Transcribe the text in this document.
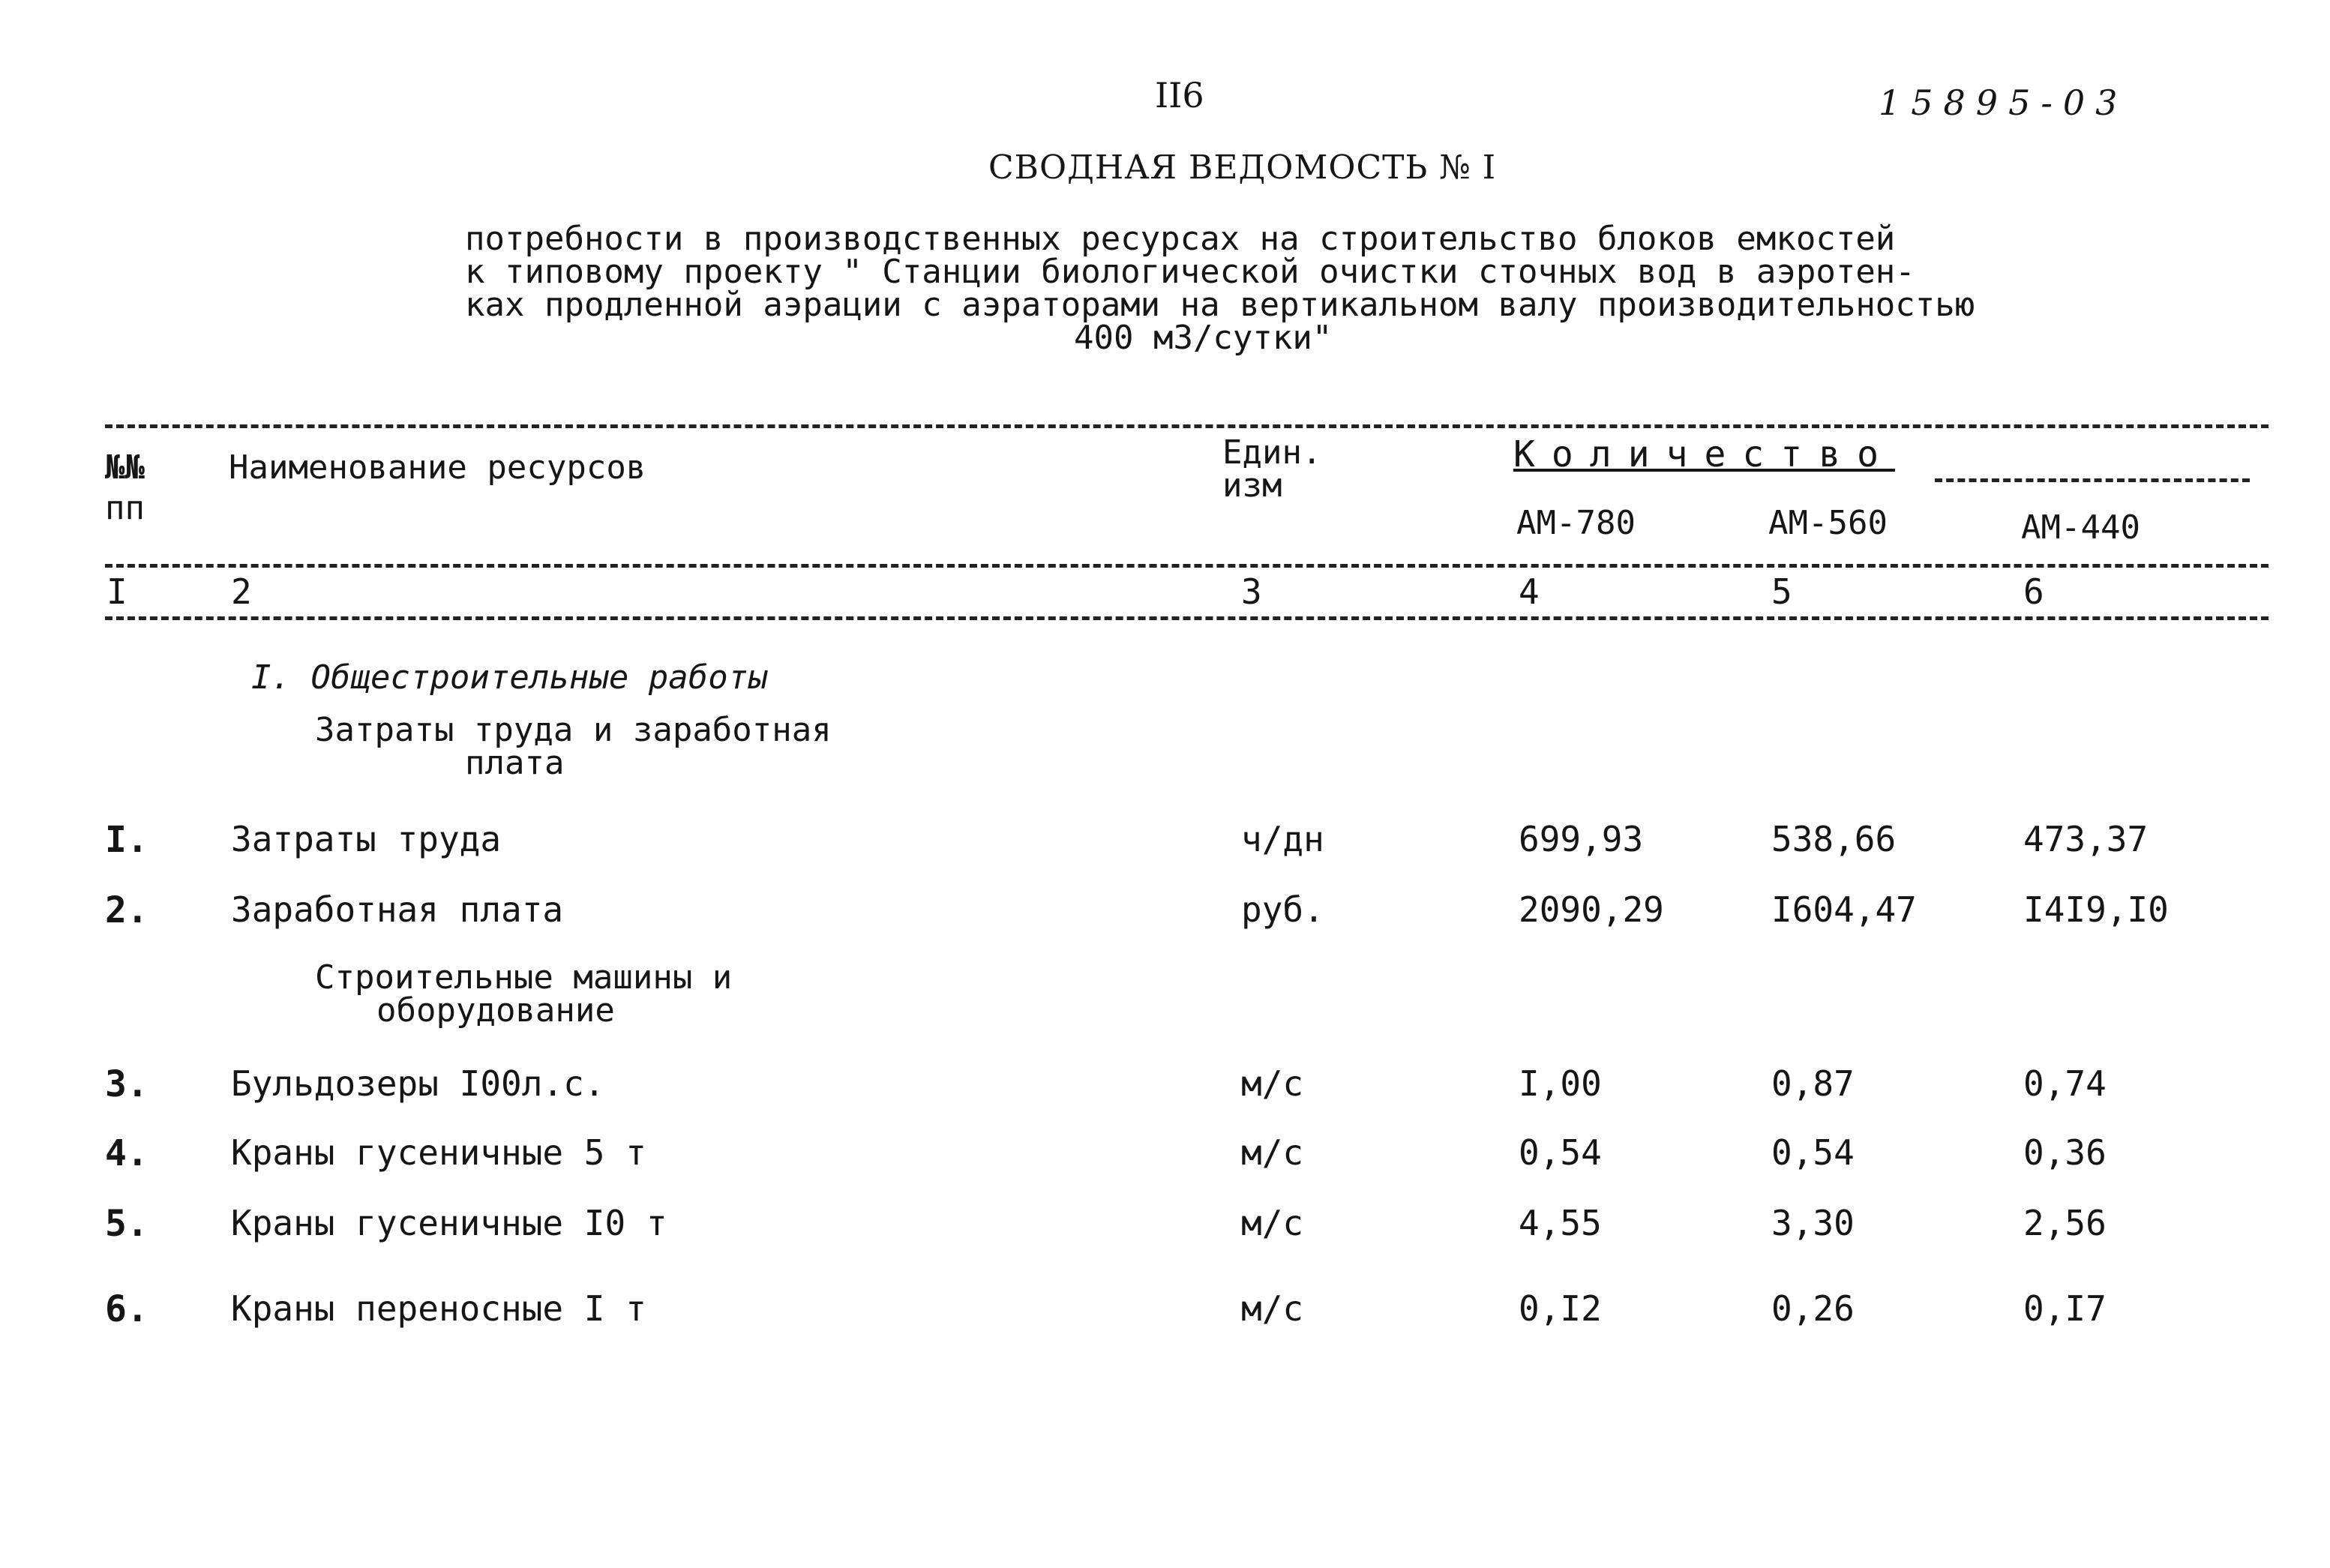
II6	15895-03
СВОДНАЯ ВЕДОМОСТЬ № I
потребности в производственных ресурсах на строительство блоков емкостей
к типовому проекту " Станции биологической очистки сточных вод в аэротен-
ках продленной аэрации с аэраторами на вертикальном валу производительностью
400 м3/сутки"
№№
пп
Наименование ресурсов	Един.
изм
Количество
АМ-780	АМ-560	АМ-440
I	2	3	4	5	6
I. Общестроительные работы
Затраты труда и заработная
плата
I. Затраты труда	ч/дн	699,93	538,66	473,37
2. Заработная плата	руб.	2090,29	I604,47	I4I9,I0
Строительные машины и
оборудование
3. Бульдозеры I00л.с.	м/с	I,00	0,87	0,74
4. Краны гусеничные 5 т	м/с	0,54	0,54	0,36
5. Краны гусеничные I0 т	м/с	4,55	3,30	2,56
6. Краны переносные I т	м/с	0,I2	0,26	0,I7
